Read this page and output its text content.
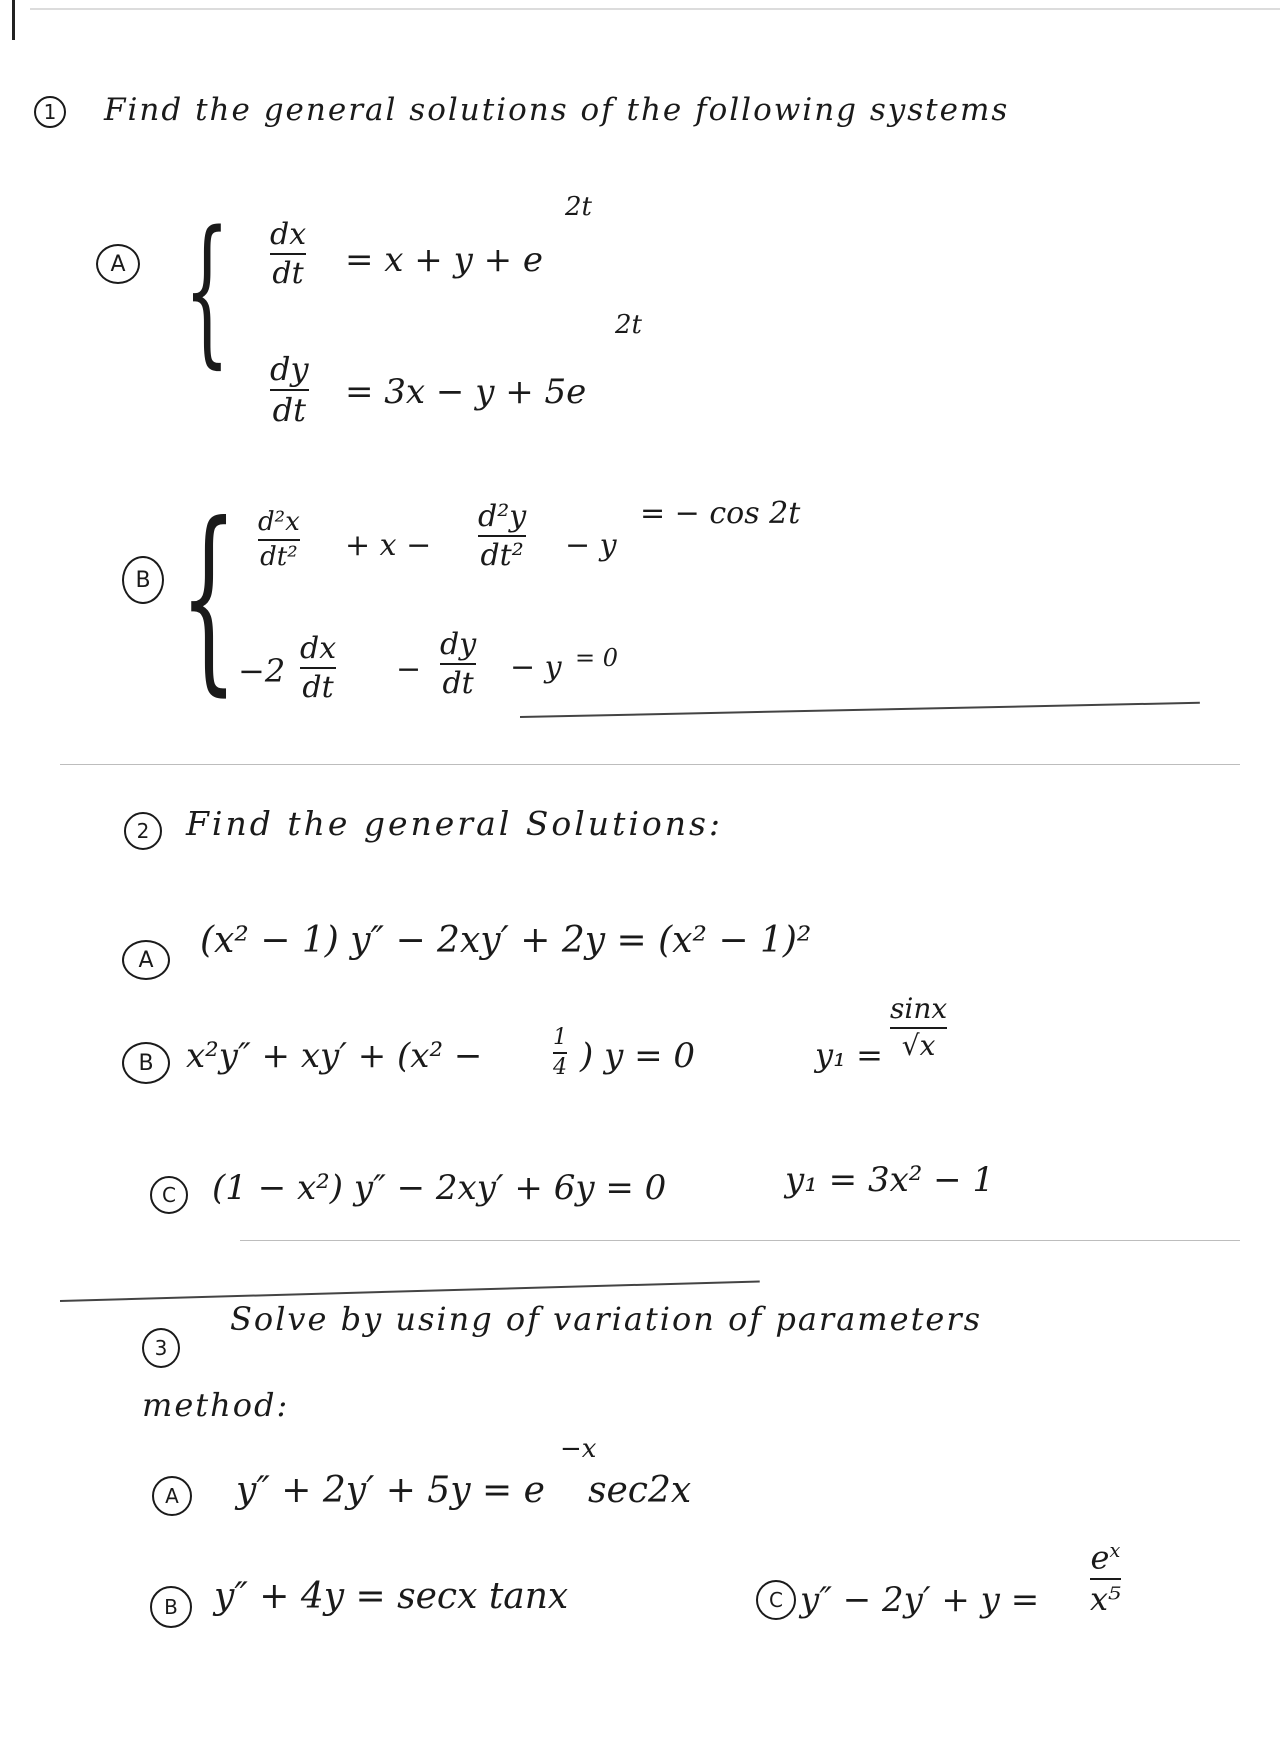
1	Find the general solutions of the following systems
A { dx
dt = x + y + e
2t
dy
dt = 3x − y + 5e
2t
B { d²x
dt² + x −
d²y
dt² − y
= − cos 2t
−2
dx
dt
−
dy
dt − y = 0
2	Find the general Solutions:
A	(x² − 1) y″ − 2xy′ + 2y = (x² − 1)²
B x²y″ + xy′ + (x² −	1
4 ) y = 0	y₁ =
sinx
√x
C	(1 − x²) y″ − 2xy′ + 6y = 0	y₁ = 3x² − 1
3
Solve by using of variation of parameters
method:
A	y″ + 2y′ + 5y = e
−x
sec2x
B	y″ + 4y = secx tanx	C y″ − 2y′ + y =
$e^x$
x⁵
